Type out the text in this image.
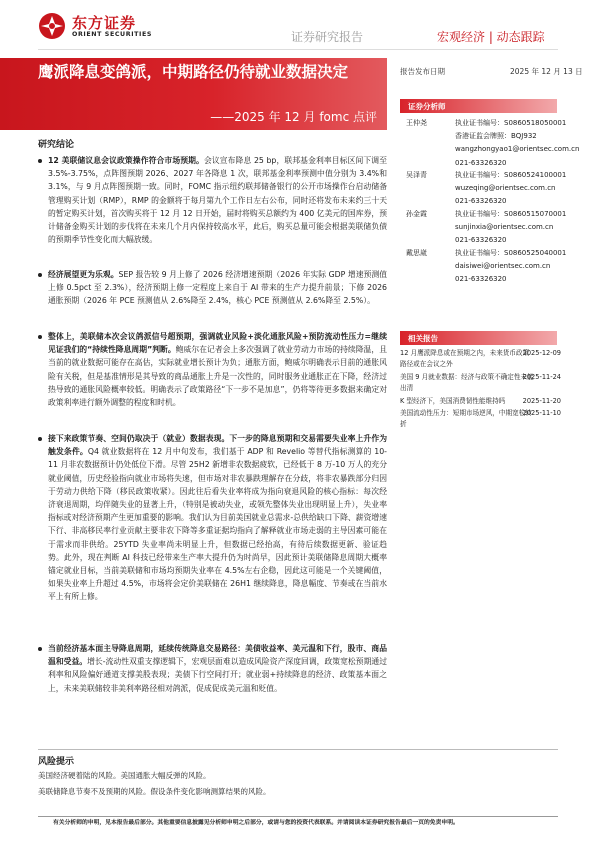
东方证券
ORIENT SECURITIES	证券研究报告	宏观经济 | 动态跟踪
鹰派降息变鸽派，中期路径仍待就业数据决定
——2025 年 12 月 fomc 点评
报告发布日期	2025 年 12 月 13 日
证券分析师
王仲尧	执业证书编号：S0860518050001
香港证监会牌照：BQJ932
wangzhongyao1@orientsec.com.cn
021-63326320
吴泽青	执业证书编号：S0860524100001
wuzeqing@orientsec.com.cn
021-63326320
孙金霞	执业证书编号：S0860515070001
sunjinxia@orientsec.com.cn
021-63326320
戴思崴	执业证书编号：S0860525040001
daisiwei@orientsec.com.cn
021-63326320
相关报告
12 月鹰派降息或在预期之内，未来货币政策路径或在会议之外
2025-12-09
美国 9 月就业数据：经济与政策不确定性未能出清
2025-11-24
K 型经济下，美国消费韧性能维持吗	2025-11-20
美国流动性压力：短期市场逆风，中期宽松转折
2025-11-10
研究结论
12 美联储议息会议政策操作符合市场预期。会议宣布降息 25 bp，联邦基金利率目标区间下调至 3.5%-3.75%，点阵图预期 2026、2027 年各降息 1 次，联邦基金利率预测中值分别为 3.4%和 3.1%，与 9 月点阵图预期一致。同时，FOMC 指示纽约联邦储备银行的公开市场操作台启动储备管理购买计划（RMP），RMP 的金额将于每月第九个工作日左右公布，同时还将发布未来约三十天的暂定购买计划，首次购买将于 12 月 12 日开始，届时将购买总额约为 400 亿美元的国库券，预计储备金购买计划的步伐将在未来几个月内保持较高水平，此后，购买总量可能会根据美联储负债的预期季节性变化而大幅放缓。
经济展望更为乐观。SEP 报告较 9 月上修了 2026 经济增速预期（2026 年实际 GDP 增速预测值上修 0.5pct 至 2.3%），经济预期上修一定程度上来自于 AI 带来的生产力提升前景；下修 2026 通胀预期（2026 年 PCE 预测值从 2.6%降至 2.4%，核心 PCE 预测值从 2.6%降至 2.5%）。
整体上，美联储本次会议鸽派信号超预期，强调就业风险+淡化通胀风险+预防流动性压力=继续见证我们的“持续性降息周期”判断。鲍威尔在记者会上多次强调了就业劳动力市场的持续降温，且当前的就业数据可能存在高估，实际就业增长预计为负；通胀方面，鲍威尔明确表示目前的通胀风险有关税，但是基准情形是其导致的商品通胀上升是一次性的，同时服务业通胀正在下降，经济过热导致的通胀风险概率较低。明确表示了政策路径“下一步不是加息”，仍将等待更多数据来确定对政策利率进行额外调整的程度和时机。
接下来政策节奏、空间仍取决于（就业）数据表现。下一步的降息预期和交易需要失业率上升作为触发条件。Q4 就业数据将在 12 月中旬发布，我们基于 ADP 和 Revelio 等替代指标测算的 10-11 月非农数据预计仍处低位下滑。尽管 25H2 新增非农数据疲软，已经低于 8 万-10 万人的充分就业阈值，历史经验指向就业市场将失速，但市场对非农暴跌理解存在分歧，将非农暴跌部分归因于劳动力供给下降（移民政策收紧）。因此往后看失业率将成为指向衰退风险的核心指标：每次经济衰退周期，均伴随失业的显著上升，（特别是被动失业，或领先整体失业出现明显上升），失业率指标或对经济预期产生更加重要的影响。我们认为目前美国就业总需求-总供给缺口下降、薪资增速下行、非高移民率行业贡献主要非农下降等多重证据均指向了解释就业市场走弱的主导因素可能在于需求而非供给。25YTD 失业率尚未明显上升，但数据已经抬高，有待后续数据更新、验证趋势。此外，现在判断 AI 科技已经带来生产率大提升仍为时尚早，因此预计美联储降息周期大概率锚定就业目标，当前美联储和市场均预期失业率在 4.5%左右企稳，因此这可能是一个关键阈值，如果失业率上升超过 4.5%，市场将会定价美联储在 26H1 继续降息，降息幅度、节奏或在当前水平上有所上修。
当前经济基本面主导降息周期，延续传统降息交易路径：美债收益率、美元温和下行，股市、商品温和受益。增长-流动性双重支撑逻辑下，宏观层面难以造成风险资产深度回调，政策宽松预期通过利率和风险偏好通道支撑美股表现；美债下行空间打开；就业弱+持续降息的经济、政策基本面之上，未来美联储较非美利率路径相对鸽派，促成促成美元温和贬值。
风险提示
美国经济硬着陆的风险。美国通胀大幅反弹的风险。
美联储降息节奏不及预期的风险。假设条件变化影响测算结果的风险。
有关分析师的申明，见本报告最后部分。其他重要信息披露见分析师申明之后部分，或请与您的投资代表联系。并请阅读本证券研究报告最后一页的免责申明。
